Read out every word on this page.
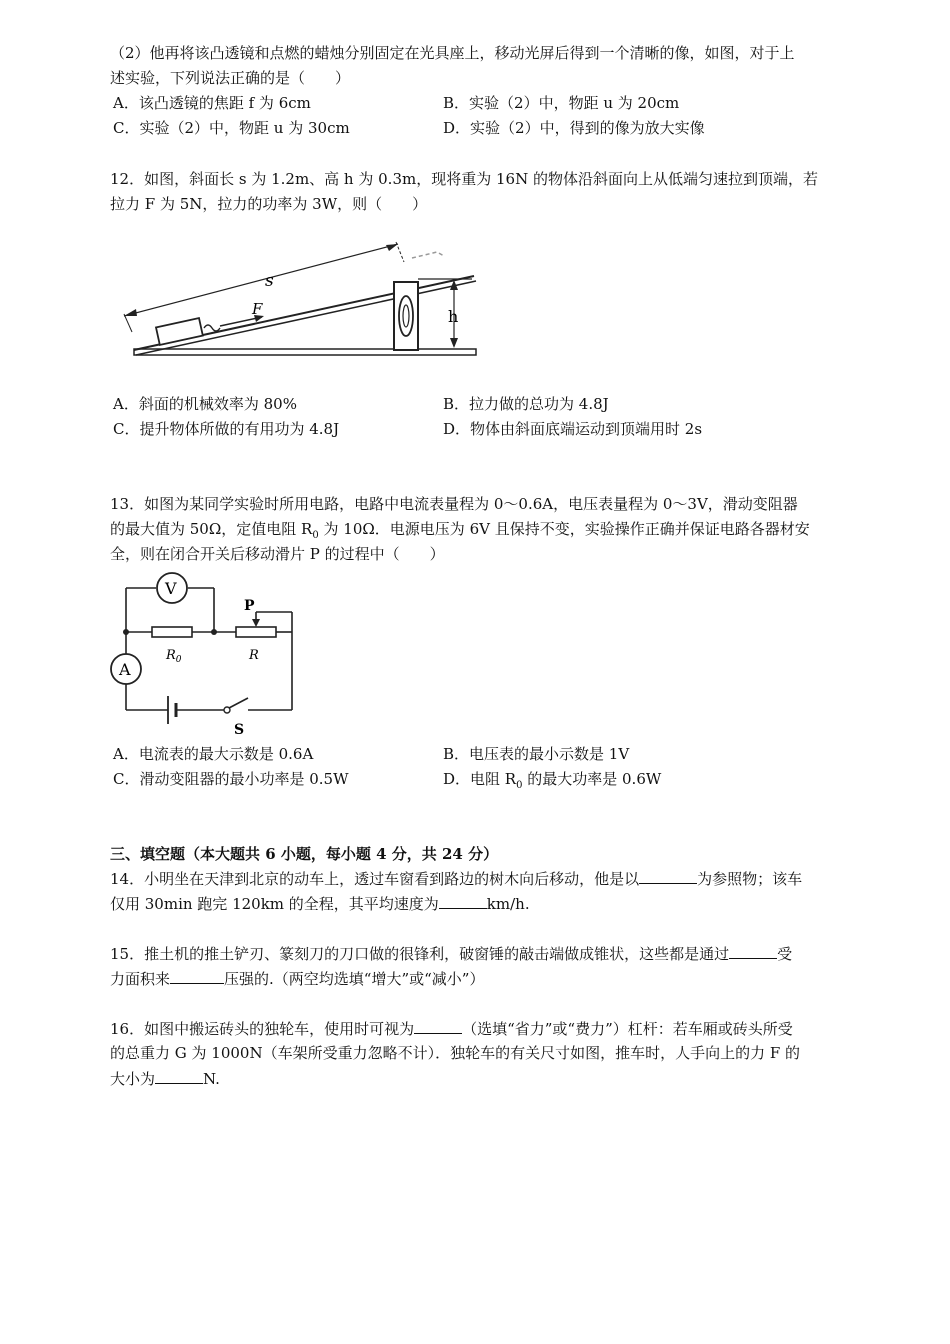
（2）他再将该凸透镜和点燃的蜡烛分别固定在光具座上，移动光屏后得到一个清晰的像，如图，对于上
述实验，下列说法正确的是（　　）
A．该凸透镜的焦距 f 为 6cm	B．实验（2）中，物距 u 为 20cm
C．实验（2）中，物距 u 为 30cm	D．实验（2）中，得到的像为放大实像
12．如图，斜面长 s 为 1.2m、高 h 为 0.3m，现将重为 16N 的物体沿斜面向上从低端匀速拉到顶端，若
拉力 F 为 5N，拉力的功率为 3W，则（　　）
s
F	h
A．斜面的机械效率为 80%	B．拉力做的总功为 4.8J
C．提升物体所做的有用功为 4.8J	D．物体由斜面底端运动到顶端用时 2s
13．如图为某同学实验时所用电路，电路中电流表量程为 0～0.6A，电压表量程为 0～3V，滑动变阻器
的最大值为 50Ω，定值电阻 $R_0$ 为 10Ω．电源电压为 6V 且保持不变，实验操作正确并保证电路各器材安
全，则在闭合开关后移动滑片 P 的过程中（　　）
V
P
$R_0$	R
A
S
A．电流表的最大示数是 0.6A	B．电压表的最小示数是 1V
C．滑动变阻器的最小功率是 0.5W	D．电阻 $R_0$ 的最大功率是 0.6W
三、填空题（本大题共 6 小题，每小题 4 分，共 24 分）
14．小明坐在天津到北京的动车上，透过车窗看到路边的树木向后移动，他是以	为参照物；该车
仅用 30min 跑完 120km 的全程，其平均速度为	km/h.
15．推土机的推土铲刃、篆刻刀的刀口做的很锋利，破窗锤的敲击端做成锥状，这些都是通过	受
力面积来	压强的.（两空均选填“增大”或“减小”）
16．如图中搬运砖头的独轮车，使用时可视为	（选填“省力”或“费力”）杠杆：若车厢或砖头所受
的总重力 G 为 1000N（车架所受重力忽略不计）．独轮车的有关尺寸如图，推车时，人手向上的力 F 的
大小为	N.
